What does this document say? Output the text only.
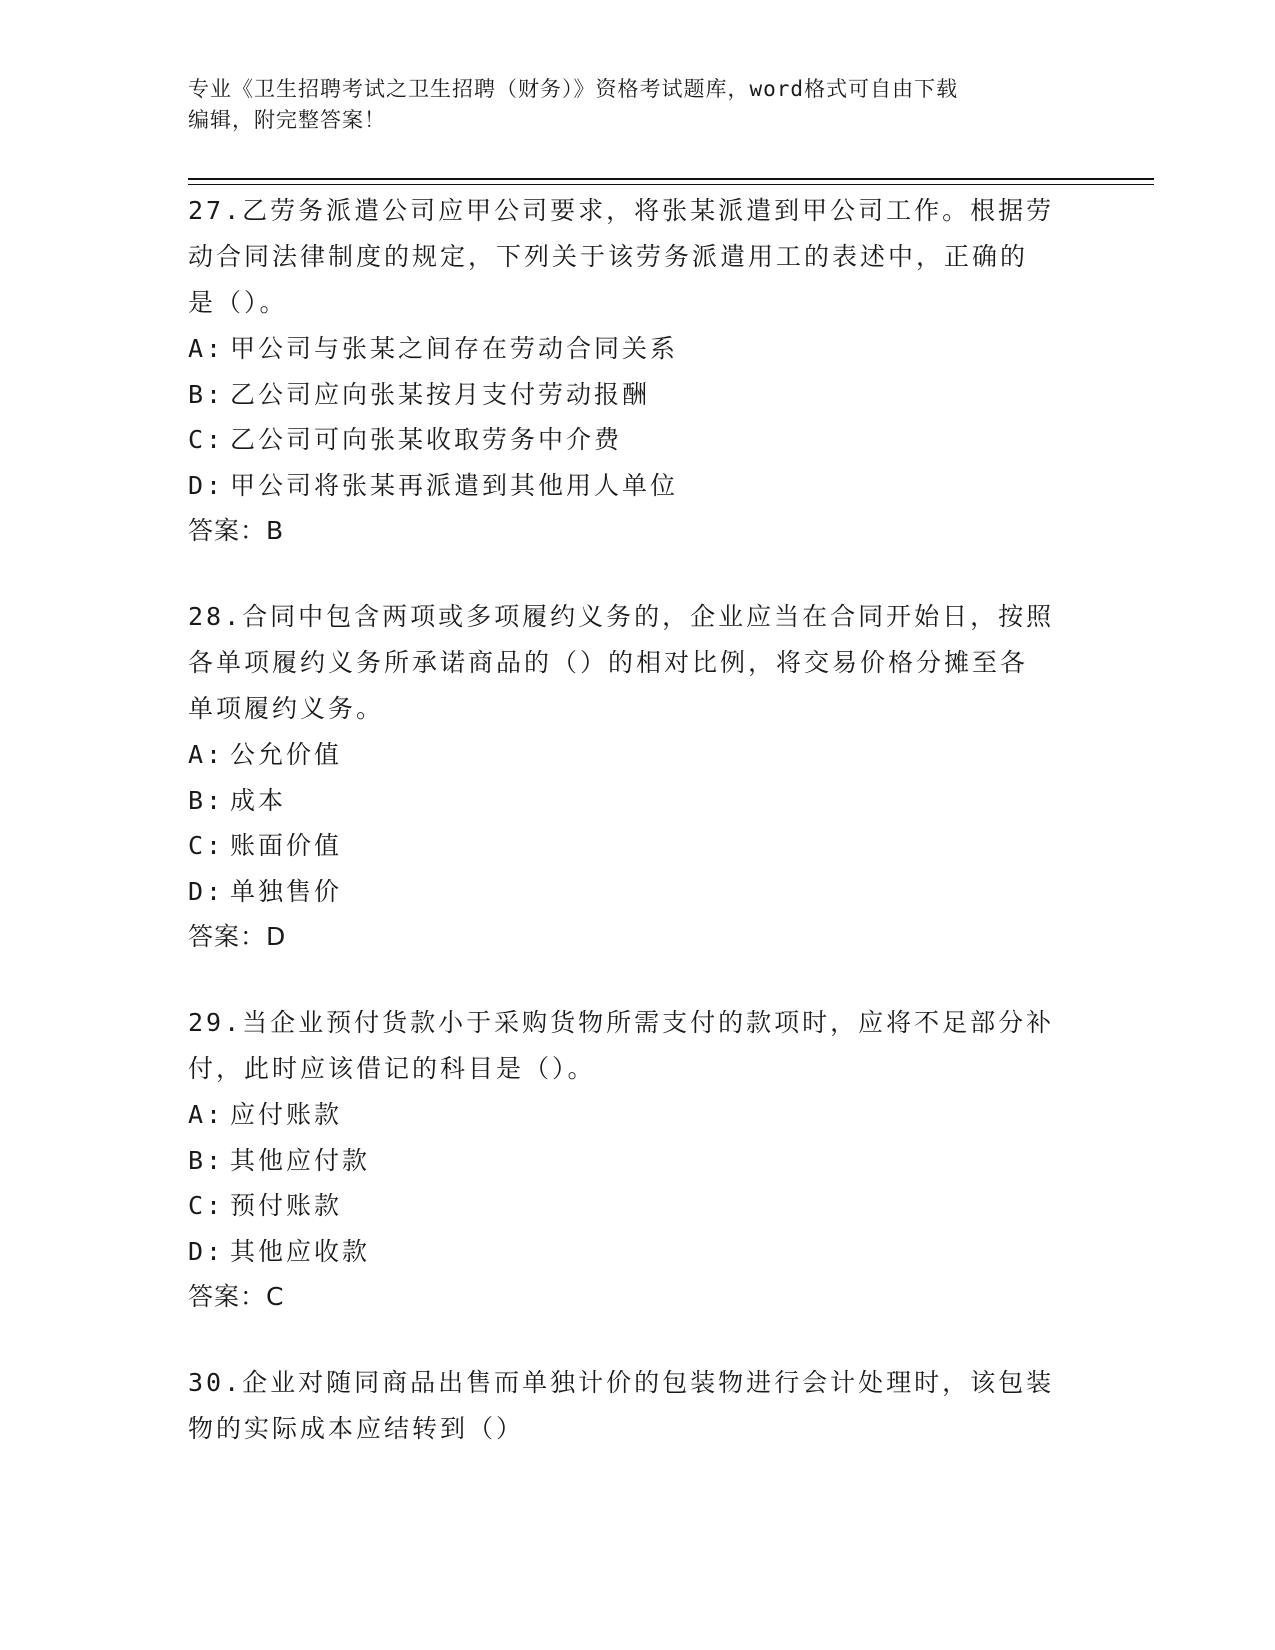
专业《卫生招聘考试之卫生招聘（财务）》资格考试题库，word格式可自由下载
编辑，附完整答案！

27.乙劳务派遣公司应甲公司要求，将张某派遣到甲公司工作。根据劳

动合同法律制度的规定，下列关于该劳务派遣用工的表述中，正确的

是（）。

A: 甲公司与张某之间存在劳动合同关系

B: 乙公司应向张某按月支付劳动报酬

C: 乙公司可向张某收取劳务中介费

D: 甲公司将张某再派遣到其他用人单位

答案：B

28.合同中包含两项或多项履约义务的，企业应当在合同开始日，按照

各单项履约义务所承诺商品的（）的相对比例，将交易价格分摊至各

单项履约义务。

A: 公允价值

B: 成本

C: 账面价值

D: 单独售价

答案：D

29.当企业预付货款小于采购货物所需支付的款项时，应将不足部分补

付，此时应该借记的科目是（）。

A: 应付账款

B: 其他应付款

C: 预付账款

D: 其他应收款

答案：C

30.企业对随同商品出售而单独计价的包装物进行会计处理时，该包装

物的实际成本应结转到（）
